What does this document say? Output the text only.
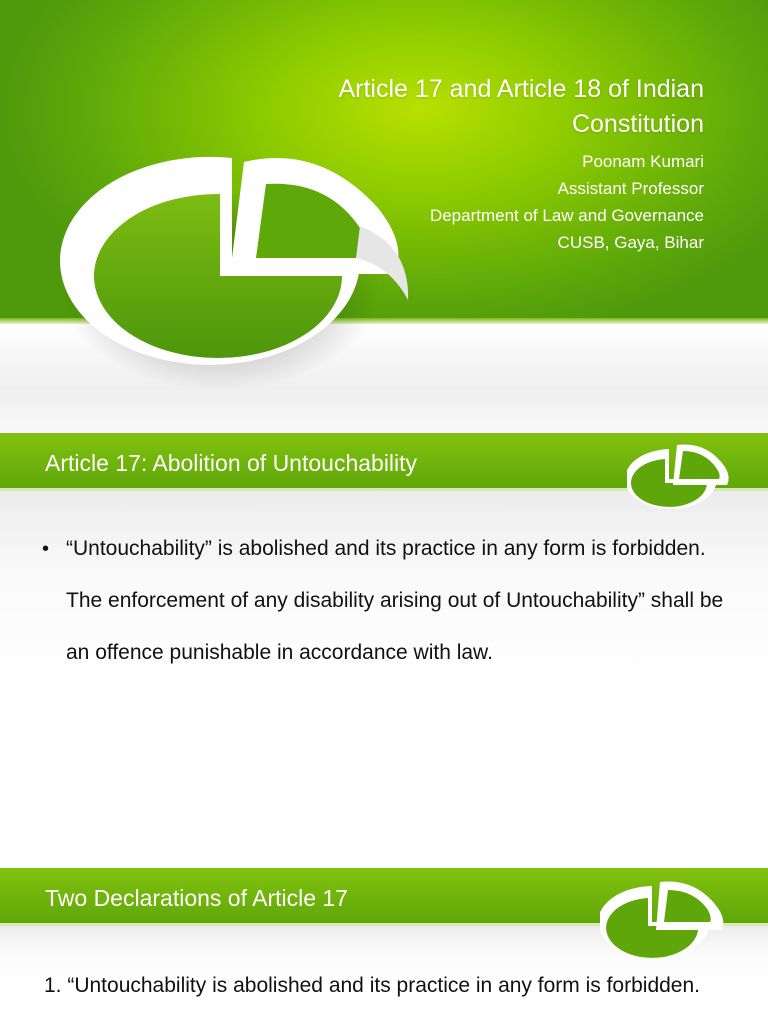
Article 17 and Article 18 of Indian Constitution

Poonam Kumari
Assistant Professor
Department of Law and Governance
CUSB, Gaya, Bihar
Article 17: Abolition of Untouchability
• “Untouchability” is abolished and its practice in any form is forbidden. The enforcement of any disability arising out of Untouchability” shall be an offence punishable in accordance with law.
Two Declarations of Article 17

1. “Untouchability is abolished and its practice in any form is forbidden.
